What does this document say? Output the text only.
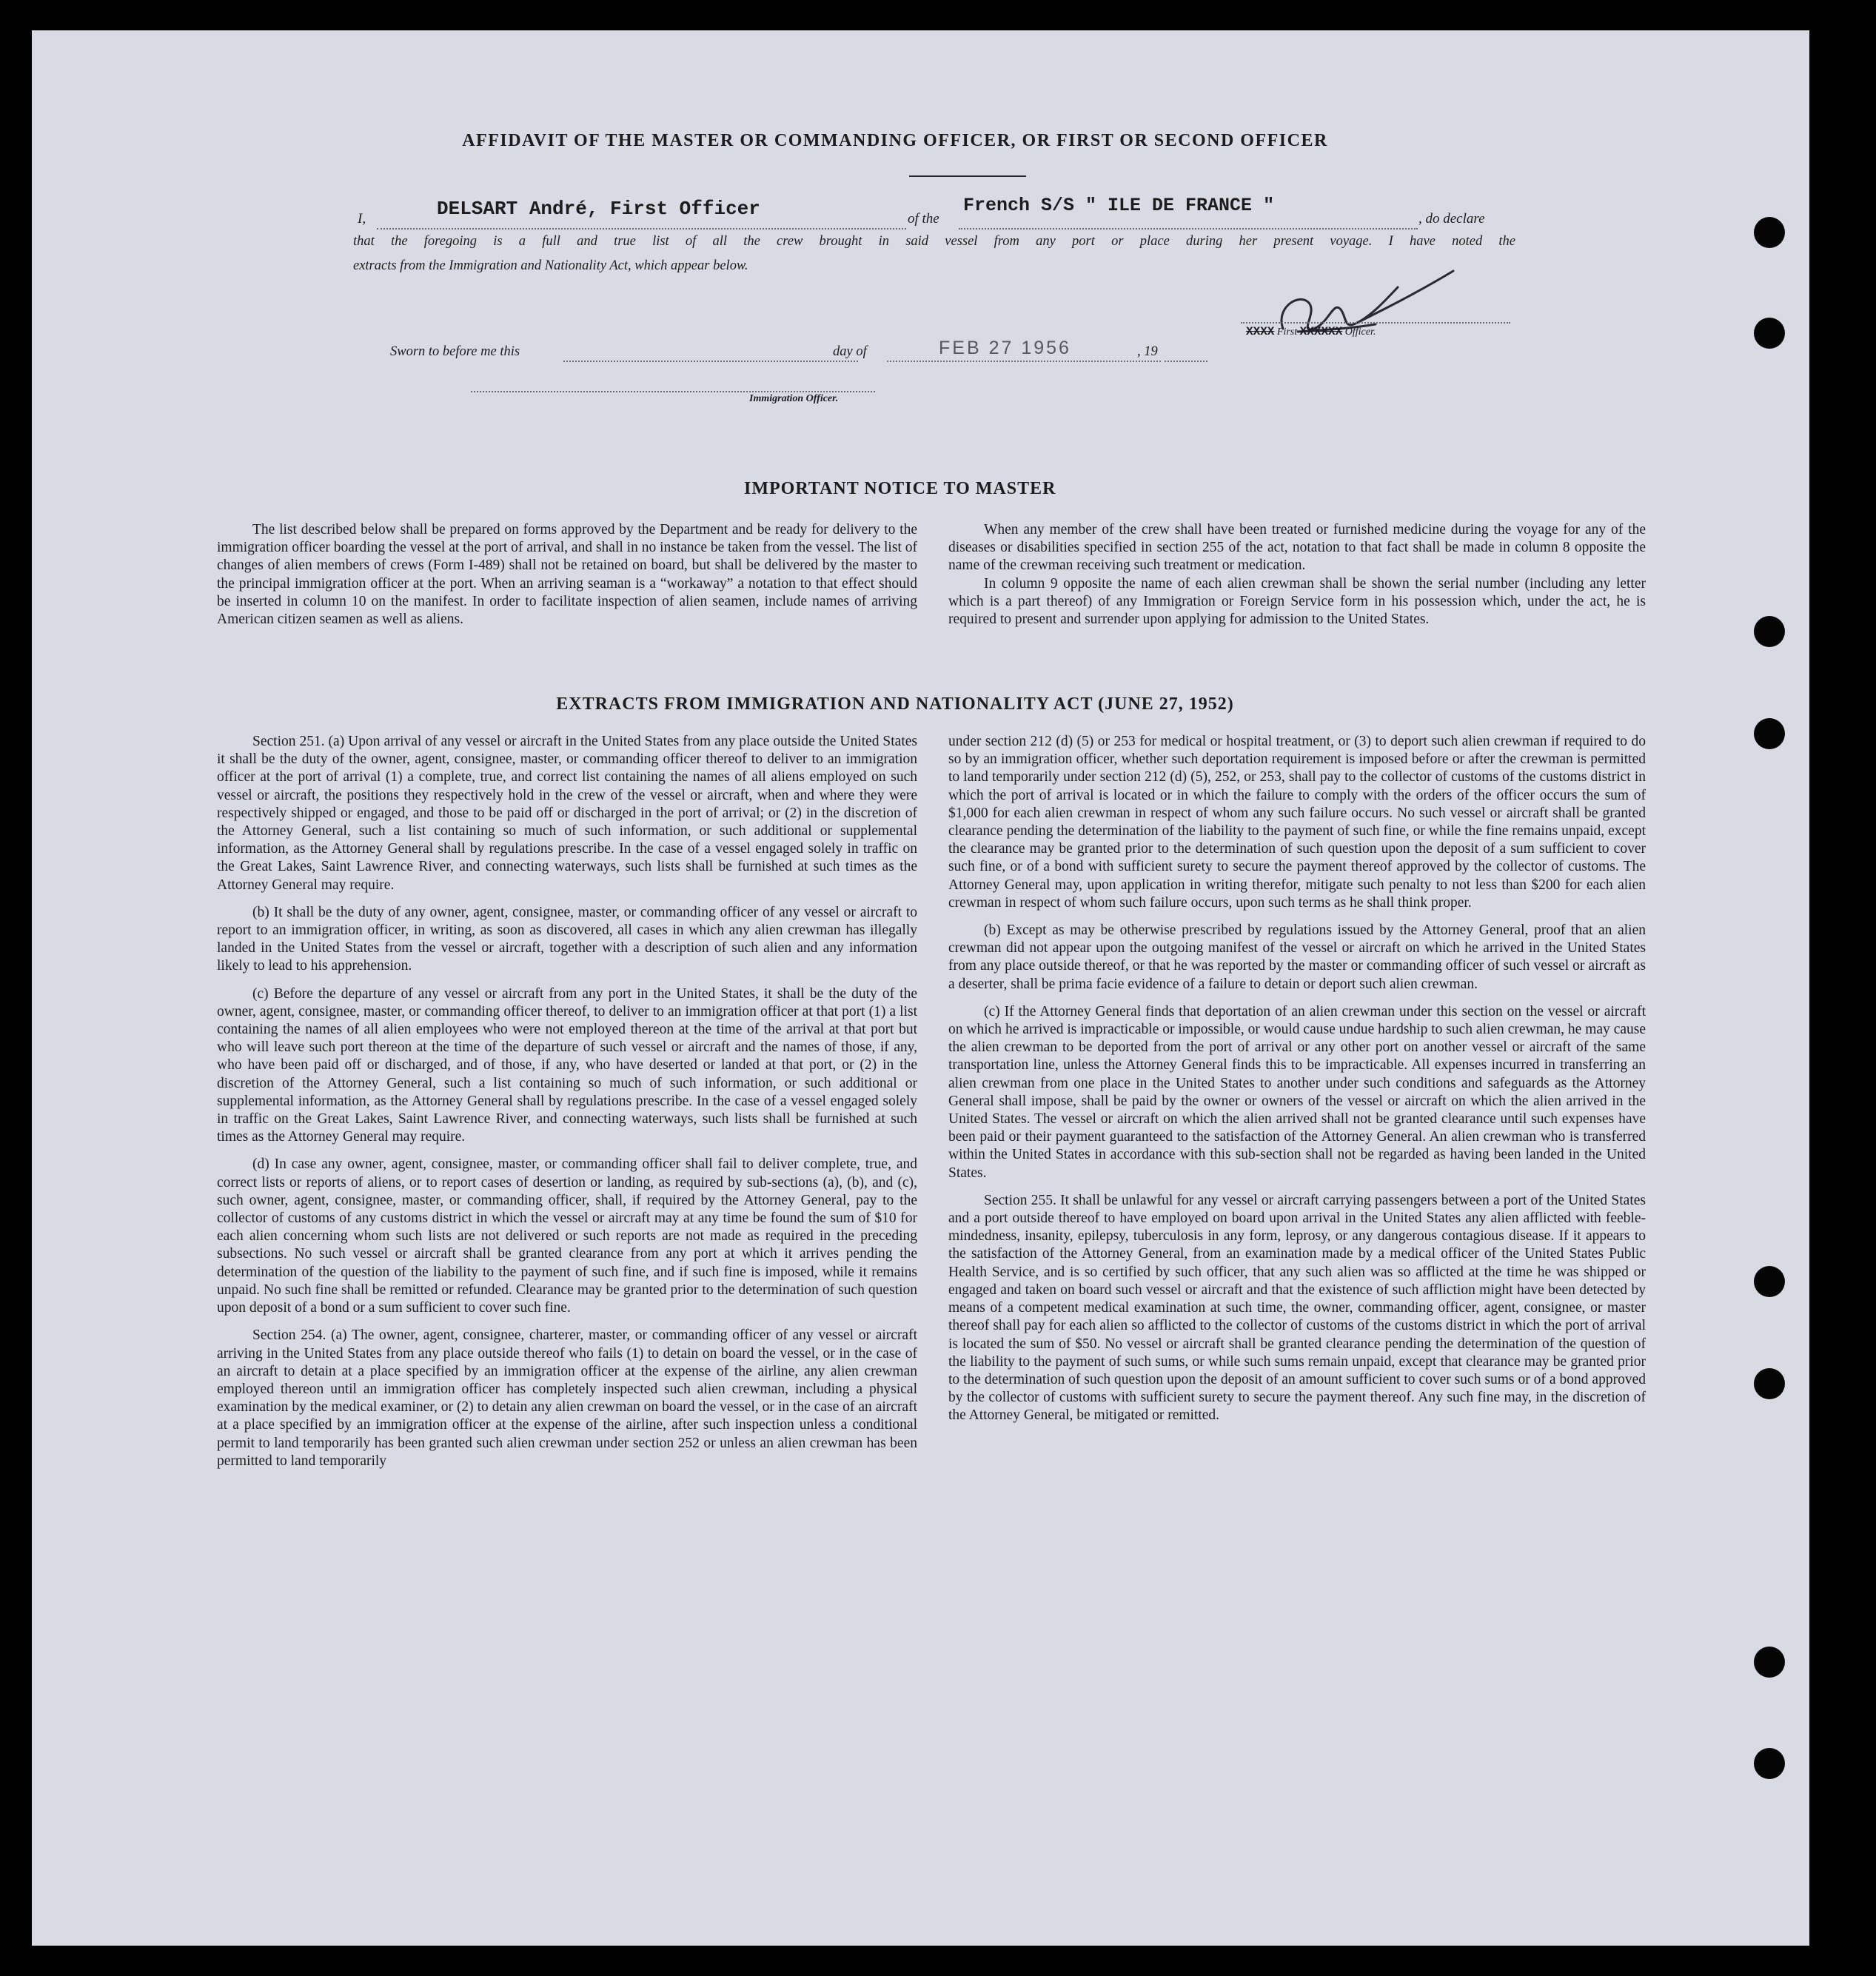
AFFIDAVIT OF THE MASTER OR COMMANDING OFFICER, OR FIRST OR SECOND OFFICER
I,	DELSART André, First Officer	of the
French S/S " ILE DE FRANCE "
, do declare
that the foregoing is a full and true list of all the crew brought in said vessel from any port or place during her present voyage. I have noted the
extracts from the Immigration and Nationality Act, which appear below.
XXXX First XXXXXX Officer.
Sworn to before me this	day of	FEB 27 1956	, 19
Immigration Officer.
IMPORTANT NOTICE TO MASTER

The list described below shall be prepared on forms approved by the Department and be ready for delivery to the immigration officer boarding the vessel at the port of arrival, and shall in no instance be taken from the vessel. The list of changes of alien members of crews (Form I-489) shall not be retained on board, but shall be delivered by the master to the principal immigration officer at the port. When an arriving seaman is a “workaway” a notation to that effect should be inserted in column 10 on the manifest. In order to facilitate inspection of alien seamen, include names of arriving American citizen seamen as well as aliens.

When any member of the crew shall have been treated or furnished medicine during the voyage for any of the diseases or disabilities specified in section 255 of the act, notation to that fact shall be made in column 8 opposite the name of the crewman receiving such treatment or medication.

In column 9 opposite the name of each alien crewman shall be shown the serial number (including any letter which is a part thereof) of any Immigration or Foreign Service form in his possession which, under the act, he is required to present and surrender upon applying for admission to the United States.

EXTRACTS FROM IMMIGRATION AND NATIONALITY ACT (JUNE 27, 1952)

Section 251. (a) Upon arrival of any vessel or aircraft in the United States from any place outside the United States it shall be the duty of the owner, agent, consignee, master, or commanding officer thereof to deliver to an immigration officer at the port of arrival (1) a complete, true, and correct list containing the names of all aliens employed on such vessel or aircraft, the positions they respectively hold in the crew of the vessel or aircraft, when and where they were respectively shipped or engaged, and those to be paid off or discharged in the port of arrival; or (2) in the discretion of the Attorney General, such a list containing so much of such information, or such additional or supplemental information, as the Attorney General shall by regulations prescribe. In the case of a vessel engaged solely in traffic on the Great Lakes, Saint Lawrence River, and connecting waterways, such lists shall be furnished at such times as the Attorney General may require.

(b) It shall be the duty of any owner, agent, consignee, master, or commanding officer of any vessel or aircraft to report to an immigration officer, in writing, as soon as discovered, all cases in which any alien crewman has illegally landed in the United States from the vessel or aircraft, together with a description of such alien and any information likely to lead to his apprehension.

(c) Before the departure of any vessel or aircraft from any port in the United States, it shall be the duty of the owner, agent, consignee, master, or commanding officer thereof, to deliver to an immigration officer at that port (1) a list containing the names of all alien employees who were not employed thereon at the time of the arrival at that port but who will leave such port thereon at the time of the departure of such vessel or aircraft and the names of those, if any, who have been paid off or discharged, and of those, if any, who have deserted or landed at that port, or (2) in the discretion of the Attorney General, such a list containing so much of such information, or such additional or supplemental information, as the Attorney General shall by regulations prescribe. In the case of a vessel engaged solely in traffic on the Great Lakes, Saint Lawrence River, and connecting waterways, such lists shall be furnished at such times as the Attorney General may require.

(d) In case any owner, agent, consignee, master, or commanding officer shall fail to deliver complete, true, and correct lists or reports of aliens, or to report cases of desertion or landing, as required by sub-sections (a), (b), and (c), such owner, agent, consignee, master, or commanding officer, shall, if required by the Attorney General, pay to the collector of customs of any customs district in which the vessel or aircraft may at any time be found the sum of $10 for each alien concerning whom such lists are not delivered or such reports are not made as required in the preceding subsections. No such vessel or aircraft shall be granted clearance from any port at which it arrives pending the determination of the question of the liability to the payment of such fine, and if such fine is imposed, while it remains unpaid. No such fine shall be remitted or refunded. Clearance may be granted prior to the determination of such question upon deposit of a bond or a sum sufficient to cover such fine.

Section 254. (a) The owner, agent, consignee, charterer, master, or commanding officer of any vessel or aircraft arriving in the United States from any place outside thereof who fails (1) to detain on board the vessel, or in the case of an aircraft to detain at a place specified by an immigration officer at the expense of the airline, any alien crewman employed thereon until an immigration officer has completely inspected such alien crewman, including a physical examination by the medical examiner, or (2) to detain any alien crewman on board the vessel, or in the case of an aircraft at a place specified by an immigration officer at the expense of the airline, after such inspection unless a conditional permit to land temporarily has been granted such alien crewman under section 252 or unless an alien crewman has been permitted to land temporarily

under section 212 (d) (5) or 253 for medical or hospital treatment, or (3) to deport such alien crewman if required to do so by an immigration officer, whether such deportation requirement is imposed before or after the crewman is permitted to land temporarily under section 212 (d) (5), 252, or 253, shall pay to the collector of customs of the customs district in which the port of arrival is located or in which the failure to comply with the orders of the officer occurs the sum of $1,000 for each alien crewman in respect of whom any such failure occurs. No such vessel or aircraft shall be granted clearance pending the determination of the liability to the payment of such fine, or while the fine remains unpaid, except the clearance may be granted prior to the determination of such question upon the deposit of a sum sufficient to cover such fine, or of a bond with sufficient surety to secure the payment thereof approved by the collector of customs. The Attorney General may, upon application in writing therefor, mitigate such penalty to not less than $200 for each alien crewman in respect of whom such failure occurs, upon such terms as he shall think proper.

(b) Except as may be otherwise prescribed by regulations issued by the Attorney General, proof that an alien crewman did not appear upon the outgoing manifest of the vessel or aircraft on which he arrived in the United States from any place outside thereof, or that he was reported by the master or commanding officer of such vessel or aircraft as a deserter, shall be prima facie evidence of a failure to detain or deport such alien crewman.

(c) If the Attorney General finds that deportation of an alien crewman under this section on the vessel or aircraft on which he arrived is impracticable or impossible, or would cause undue hardship to such alien crewman, he may cause the alien crewman to be deported from the port of arrival or any other port on another vessel or aircraft of the same transportation line, unless the Attorney General finds this to be impracticable. All expenses incurred in transferring an alien crewman from one place in the United States to another under such conditions and safeguards as the Attorney General shall impose, shall be paid by the owner or owners of the vessel or aircraft on which the alien arrived in the United States. The vessel or aircraft on which the alien arrived shall not be granted clearance until such expenses have been paid or their payment guaranteed to the satisfaction of the Attorney General. An alien crewman who is transferred within the United States in accordance with this sub-section shall not be regarded as having been landed in the United States.

Section 255. It shall be unlawful for any vessel or aircraft carrying passengers between a port of the United States and a port outside thereof to have employed on board upon arrival in the United States any alien afflicted with feeble-mindedness, insanity, epilepsy, tuberculosis in any form, leprosy, or any dangerous contagious disease. If it appears to the satisfaction of the Attorney General, from an examination made by a medical officer of the United States Public Health Service, and is so certified by such officer, that any such alien was so afflicted at the time he was shipped or engaged and taken on board such vessel or aircraft and that the existence of such affliction might have been detected by means of a competent medical examination at such time, the owner, commanding officer, agent, consignee, or master thereof shall pay for each alien so afflicted to the collector of customs of the customs district in which the port of arrival is located the sum of $50. No vessel or aircraft shall be granted clearance pending the determination of the question of the liability to the payment of such sums, or while such sums remain unpaid, except that clearance may be granted prior to the determination of such question upon the deposit of an amount sufficient to cover such sums or of a bond approved by the collector of customs with sufficient surety to secure the payment thereof. Any such fine may, in the discretion of the Attorney General, be mitigated or remitted.
